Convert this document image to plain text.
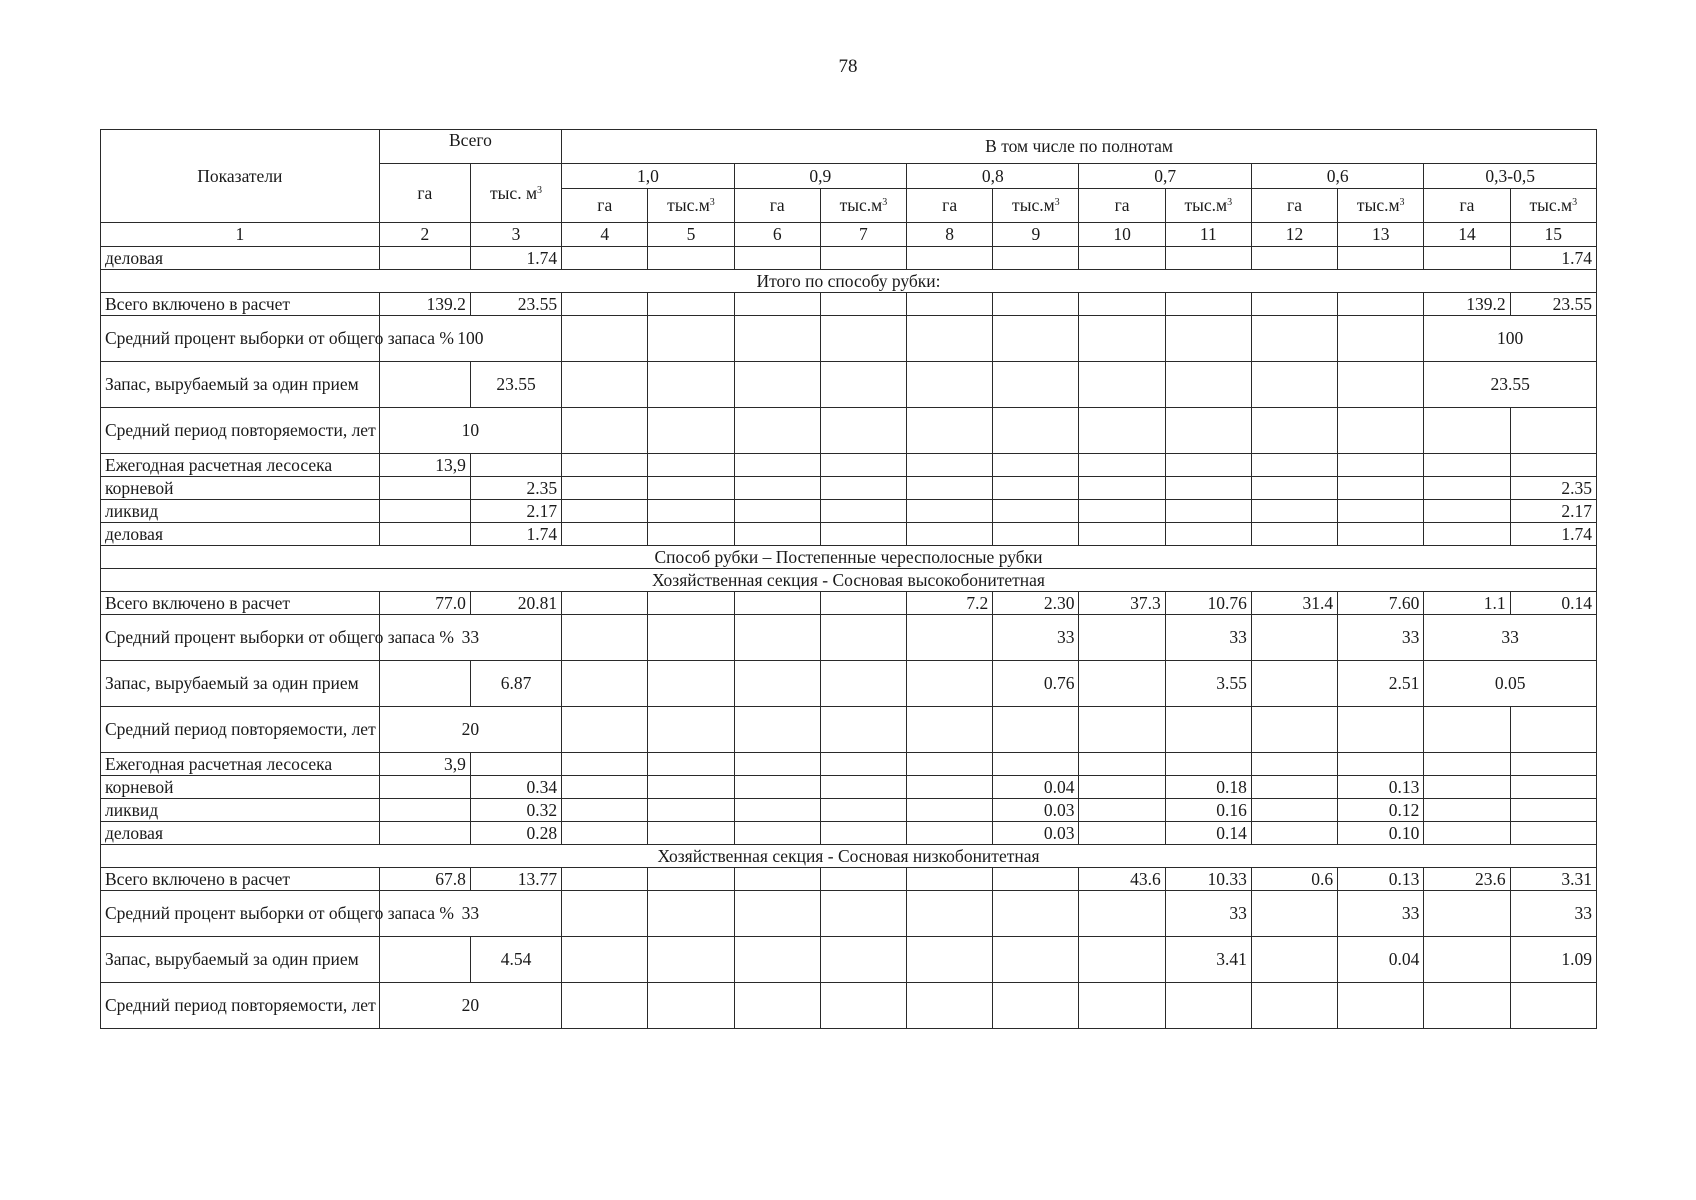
78
Показатели	Всего		В том числе по полнотам											
	га	тыс. $м^3$	1,0		0,9		0,8		0,7		0,6		0,3-0,5	
			га	$тыс.м^3$	га	$тыс.м^3$	га	$тыс.м^3$	га	$тыс.м^3$	га	$тыс.м^3$	га	$тыс.м^3$
1	2	3	4	5	6	7	8	9	10	11	12	13	14	15
деловая		1.74												1.74
Итого по способу рубки:														
Всего включено в расчет	139.2	23.55											139.2	23.55
Средний процент выборки от общего запаса %	100												100	
Запас, вырубаемый за один прием		23.55											23.55	
Средний период повторяемости, лет	10													
Ежегодная расчетная лесосека	13,9													
корневой		2.35												2.35
ликвид		2.17												2.17
деловая		1.74												1.74
Способ рубки – Постепенные чересполосные рубки														
Хозяйственная секция - Сосновая высокобонитетная														
Всего включено в расчет	77.0	20.81					7.2	2.30	37.3	10.76	31.4	7.60	1.1	0.14
Средний процент выборки от общего запаса %	33							33		33		33	33	
Запас, вырубаемый за один прием		6.87						0.76		3.55		2.51	0.05	
Средний период повторяемости, лет	20													
Ежегодная расчетная лесосека	3,9													
корневой		0.34						0.04		0.18		0.13		
ликвид		0.32						0.03		0.16		0.12		
деловая		0.28						0.03		0.14		0.10		
Хозяйственная секция - Сосновая низкобонитетная														
Всего включено в расчет	67.8	13.77							43.6	10.33	0.6	0.13	23.6	3.31
Средний процент выборки от общего запаса %	33									33		33		33
Запас, вырубаемый за один прием		4.54								3.41		0.04		1.09
Средний период повторяемости, лет	20													
